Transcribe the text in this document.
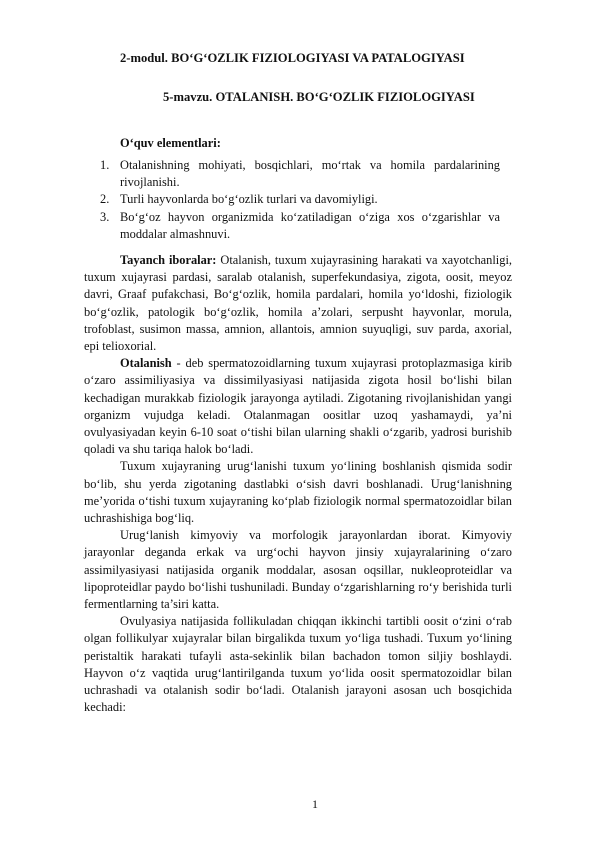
2-modul. BO‘G‘OZLIK FIZIOLOGIYASI VA PATALOGIYASI
5-mavzu. OTALANISH. BO‘G‘OZLIK FIZIOLOGIYASI
O‘quv elementlari:
1. Otalanishning mohiyati, bosqichlari, mo‘rtak va homila pardalarining rivojlanishi.
2. Turli hayvonlarda bo‘g‘ozlik turlari va davomiyligi.
3. Bo‘g‘oz hayvon organizmida ko‘zatiladigan o‘ziga xos o‘zgarishlar va moddalar almashnuvi.

Tayanch iboralar: Otalanish, tuxum xujayrasining harakati va xayotchanligi, tuxum xujayrasi pardasi, saralab otalanish, superfekundasiya, zigota, oosit, meyoz davri, Graaf pufakchasi, Bo‘g‘ozlik, homila pardalari, homila yo‘ldoshi, fiziologik bo‘g‘ozlik, patologik bo‘g‘ozlik, homila a’zolari, serpusht hayvonlar, morula, trofoblast, susimon massa, amnion, allantois, amnion suyuqligi, suv parda, axorial, epi telioxorial.

Otalanish - deb spermatozoidlarning tuxum xujayrasi protoplazmasiga kirib o‘zaro assimiliyasiya va dissimilyasiyasi natijasida zigota hosil bo‘lishi bilan kechadigan murakkab fiziologik jarayonga aytiladi. Zigotaning rivojlanishidan yangi organizm vujudga keladi. Otalanmagan oositlar uzoq yashamaydi, ya’ni ovulyasiyadan keyin 6-10 soat o‘tishi bilan ularning shakli o‘zgarib, yadrosi burishib qoladi va shu tariqa halok bo‘ladi.

Tuxum xujayraning urug‘lanishi tuxum yo‘lining boshlanish qismida sodir bo‘lib, shu yerda zigotaning dastlabki o‘sish davri boshlanadi. Urug‘lanishning me’yorida o‘tishi tuxum xujayraning ko‘plab fiziologik normal spermatozoidlar bilan uchrashishiga bog‘liq.

Urug‘lanish kimyoviy va morfologik jarayonlardan iborat. Kimyoviy jarayonlar deganda erkak va urg‘ochi hayvon jinsiy xujayralarining o‘zaro assimilyasiyasi natijasida organik moddalar, asosan oqsillar, nukleoproteidlar va lipoproteidlar paydo bo‘lishi tushuniladi. Bunday o‘zgarishlarning ro‘y berishida turli fermentlarning ta’siri katta.

Ovulyasiya natijasida follikuladan chiqqan ikkinchi tartibli oosit o‘zini o‘rab olgan follikulyar xujayralar bilan birgalikda tuxum yo‘liga tushadi. Tuxum yo‘lining peristaltik harakati tufayli asta-sekinlik bilan bachadon tomon siljiy boshlaydi. Hayvon o‘z vaqtida urug‘lantirilganda tuxum yo‘lida oosit spermatozoidlar bilan uchrashadi va otalanish sodir bo‘ladi. Otalanish jarayoni asosan uch bosqichida kechadi:

1
